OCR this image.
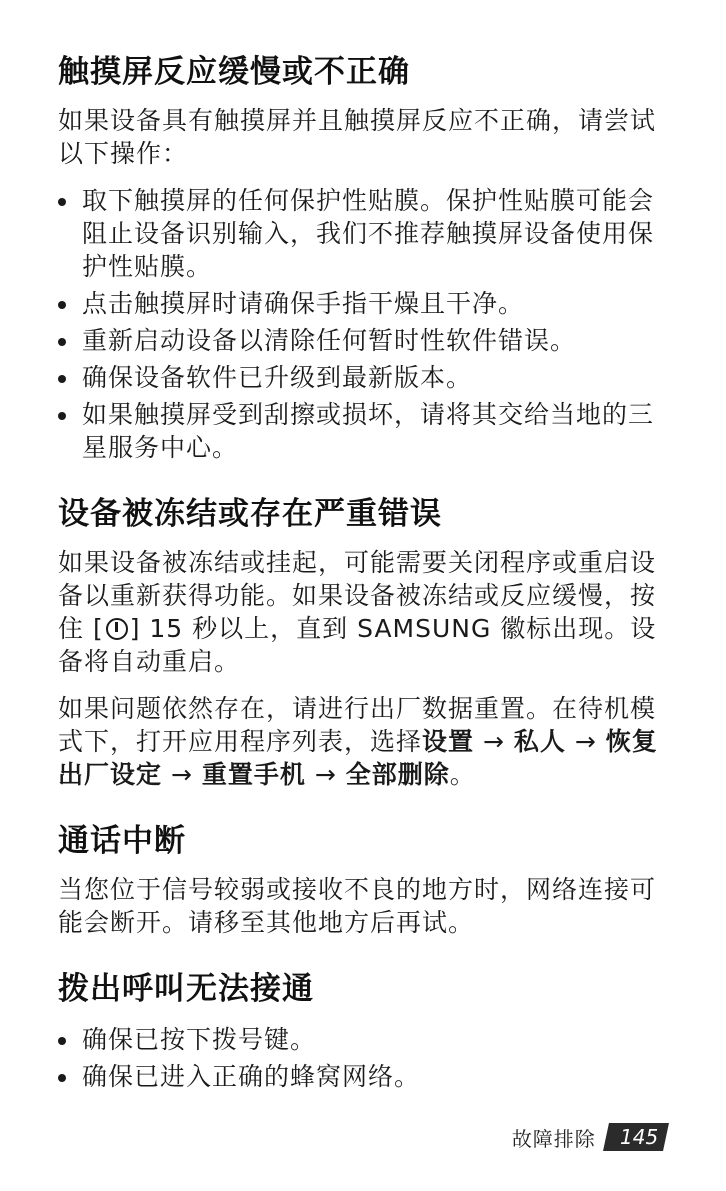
触摸屏反应缓慢或不正确

如果设备具有触摸屏并且触摸屏反应不正确，请尝试以下操作：

取下触摸屏的任何保护性贴膜。保护性贴膜可能会阻止设备识别输入，我们不推荐触摸屏设备使用保护性贴膜。
点击触摸屏时请确保手指干燥且干净。
重新启动设备以清除任何暂时性软件错误。
确保设备软件已升级到最新版本。
如果触摸屏受到刮擦或损坏，请将其交给当地的三星服务中心。
设备被冻结或存在严重错误

如果设备被冻结或挂起，可能需要关闭程序或重启设备以重新获得功能。如果设备被冻结或反应缓慢，按住 [ ] 15 秒以上，直到 SAMSUNG 徽标出现。设备将自动重启。

如果问题依然存在，请进行出厂数据重置。在待机模式下，打开应用程序列表，选择设置 → 私人 → 恢复出厂设定 → 重置手机 → 全部删除。

通话中断

当您位于信号较弱或接收不良的地方时，网络连接可能会断开。请移至其他地方后再试。

拨出呼叫无法接通
确保已按下拨号键。
确保已进入正确的蜂窝网络。
故障排除	145
